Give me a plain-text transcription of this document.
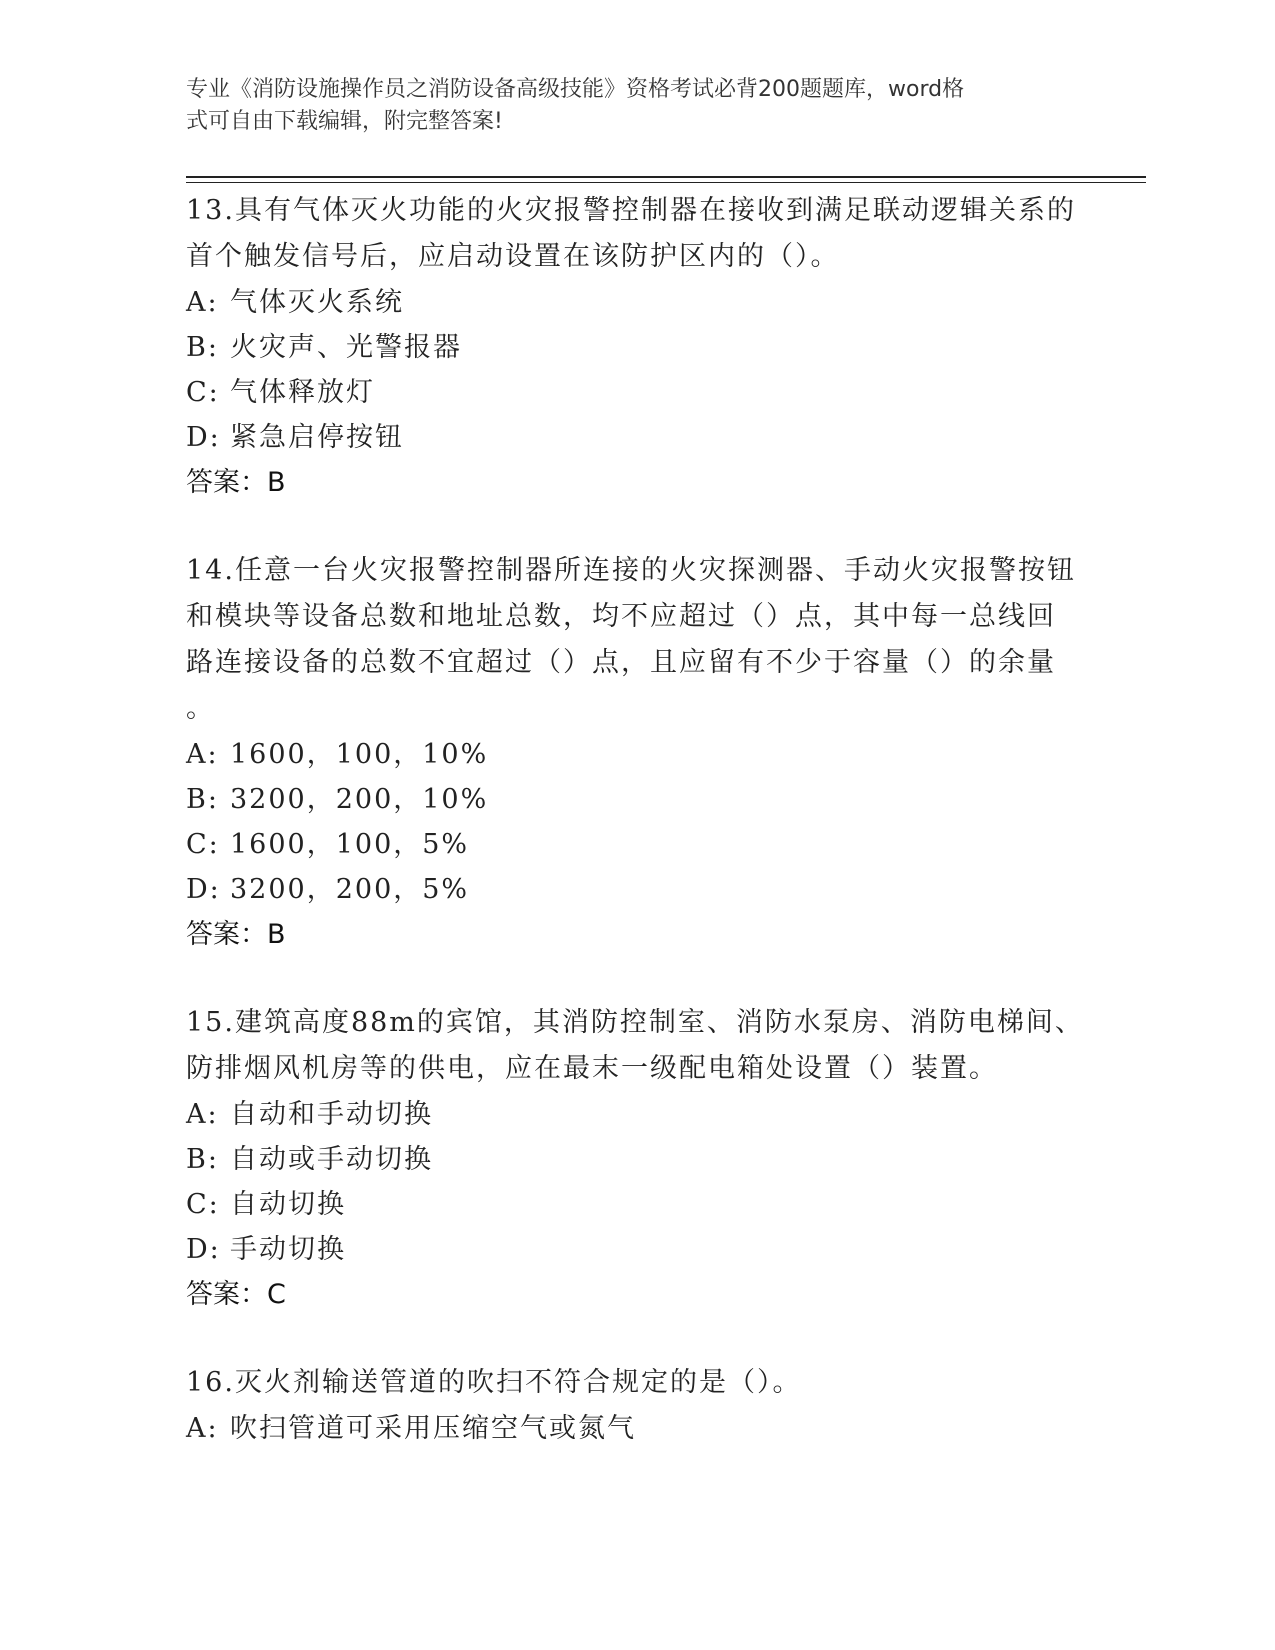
专业《消防设施操作员之消防设备高级技能》资格考试必背200题题库，word格
式可自由下载编辑，附完整答案!

13.具有气体灭火功能的火灾报警控制器在接收到满足联动逻辑关系的
首个触发信号后，应启动设置在该防护区内的（）。

A: 气体灭火系统

B: 火灾声、光警报器

C: 气体释放灯

D: 紧急启停按钮

答案：B

14.任意一台火灾报警控制器所连接的火灾探测器、手动火灾报警按钮
和模块等设备总数和地址总数，均不应超过（）点，其中每一总线回
路连接设备的总数不宜超过（）点，且应留有不少于容量（）的余量
。

A: 1600，100，10%

B: 3200，200，10%

C: 1600，100，5%

D: 3200，200，5%

答案：B

15.建筑高度88m的宾馆，其消防控制室、消防水泵房、消防电梯间、
防排烟风机房等的供电，应在最末一级配电箱处设置（）装置。

A: 自动和手动切换

B: 自动或手动切换

C: 自动切换

D: 手动切换

答案：C

16.灭火剂输送管道的吹扫不符合规定的是（）。

A: 吹扫管道可采用压缩空气或氮气
